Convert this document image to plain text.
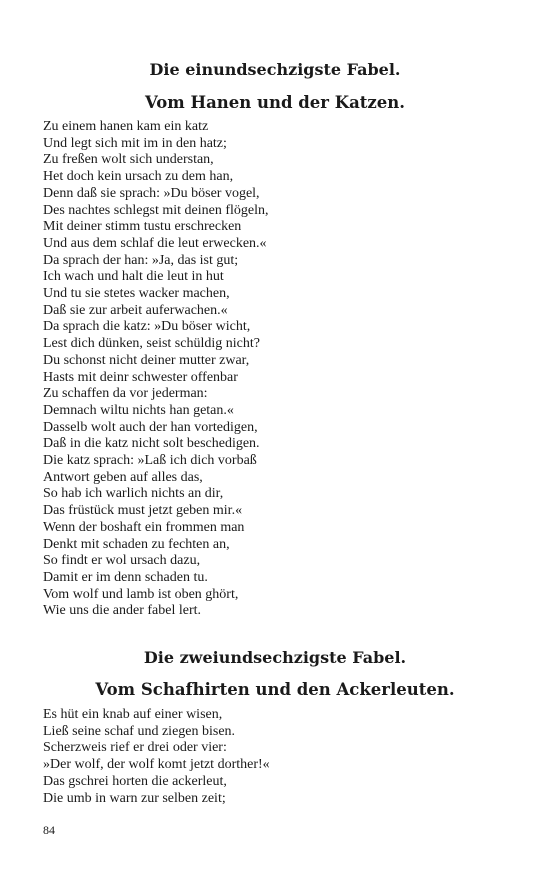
Die einundsechzigste Fabel.
Vom Hanen und der Katzen.
Zu einem hanen kam ein katz
Und legt sich mit im in den hatz;
Zu freßen wolt sich understan,
Het doch kein ursach zu dem han,
Denn daß sie sprach: »Du böser vogel,
Des nachtes schlegst mit deinen flögeln,
Mit deiner stimm tustu erschrecken
Und aus dem schlaf die leut erwecken.«
Da sprach der han: »Ja, das ist gut;
Ich wach und halt die leut in hut
Und tu sie stetes wacker machen,
Daß sie zur arbeit auferwachen.«
Da sprach die katz: »Du böser wicht,
Lest dich dünken, seist schüldig nicht?
Du schonst nicht deiner mutter zwar,
Hasts mit deinr schwester offenbar
Zu schaffen da vor jederman:
Demnach wiltu nichts han getan.«
Dasselb wolt auch der han vortedigen,
Daß in die katz nicht solt beschedigen.
Die katz sprach: »Laß ich dich vorbaß
Antwort geben auf alles das,
So hab ich warlich nichts an dir,
Das früstück must jetzt geben mir.«
Wenn der boshaft ein frommen man
Denkt mit schaden zu fechten an,
So findt er wol ursach dazu,
Damit er im denn schaden tu.
Vom wolf und lamb ist oben ghört,
Wie uns die ander fabel lert.
Die zweiundsechzigste Fabel.
Vom Schafhirten und den Ackerleuten.
Es hüt ein knab auf einer wisen,
Ließ seine schaf und ziegen bisen.
Scherzweis rief er drei oder vier:
»Der wolf, der wolf komt jetzt dorther!«
Das gschrei horten die ackerleut,
Die umb in warn zur selben zeit;
84
